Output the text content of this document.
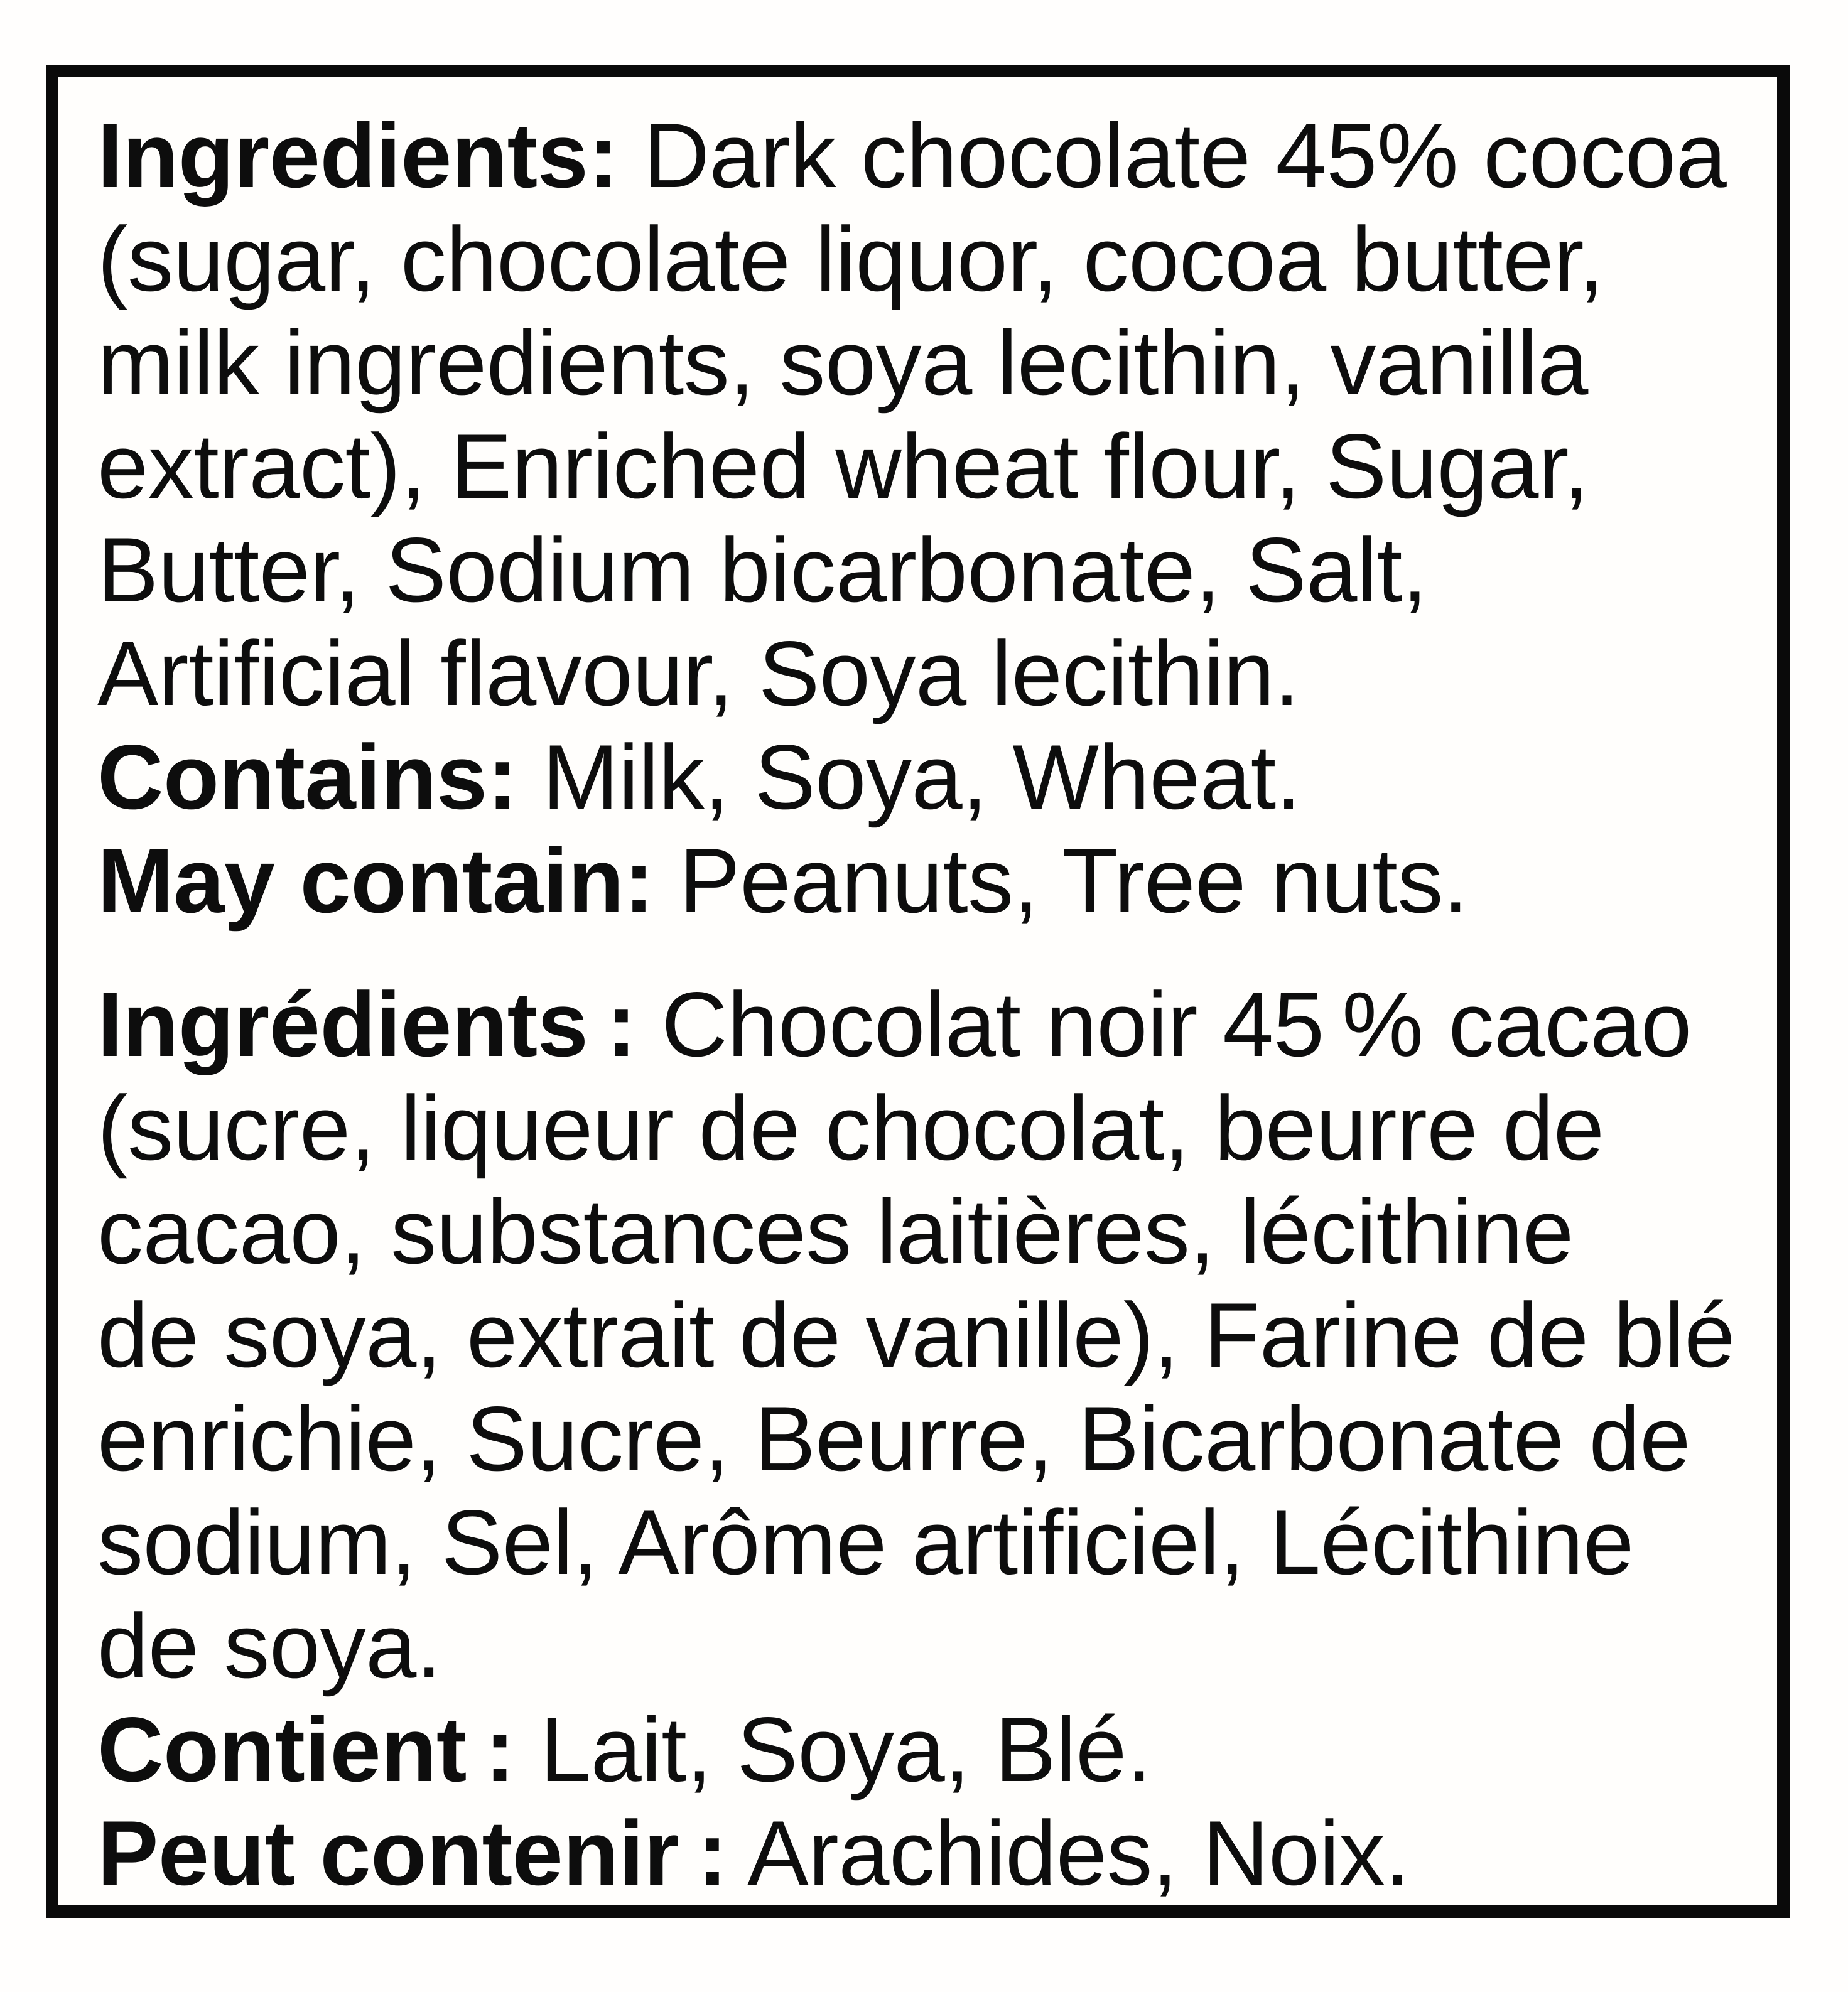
Ingredients: Dark chocolate 45% cocoa
(sugar, chocolate liquor, cocoa butter,
milk ingredients, soya lecithin, vanilla
extract), Enriched wheat flour, Sugar,
Butter, Sodium bicarbonate, Salt,
Artificial flavour, Soya lecithin.
Contains: Milk, Soya, Wheat.
May contain: Peanuts, Tree nuts.
Ingrédients : Chocolat noir 45 % cacao
(sucre, liqueur de chocolat, beurre de
cacao, substances laitières, lécithine
de soya, extrait de vanille), Farine de blé
enrichie, Sucre, Beurre, Bicarbonate de
sodium, Sel, Arôme artificiel, Lécithine
de soya.
Contient : Lait, Soya, Blé.
Peut contenir : Arachides, Noix.
